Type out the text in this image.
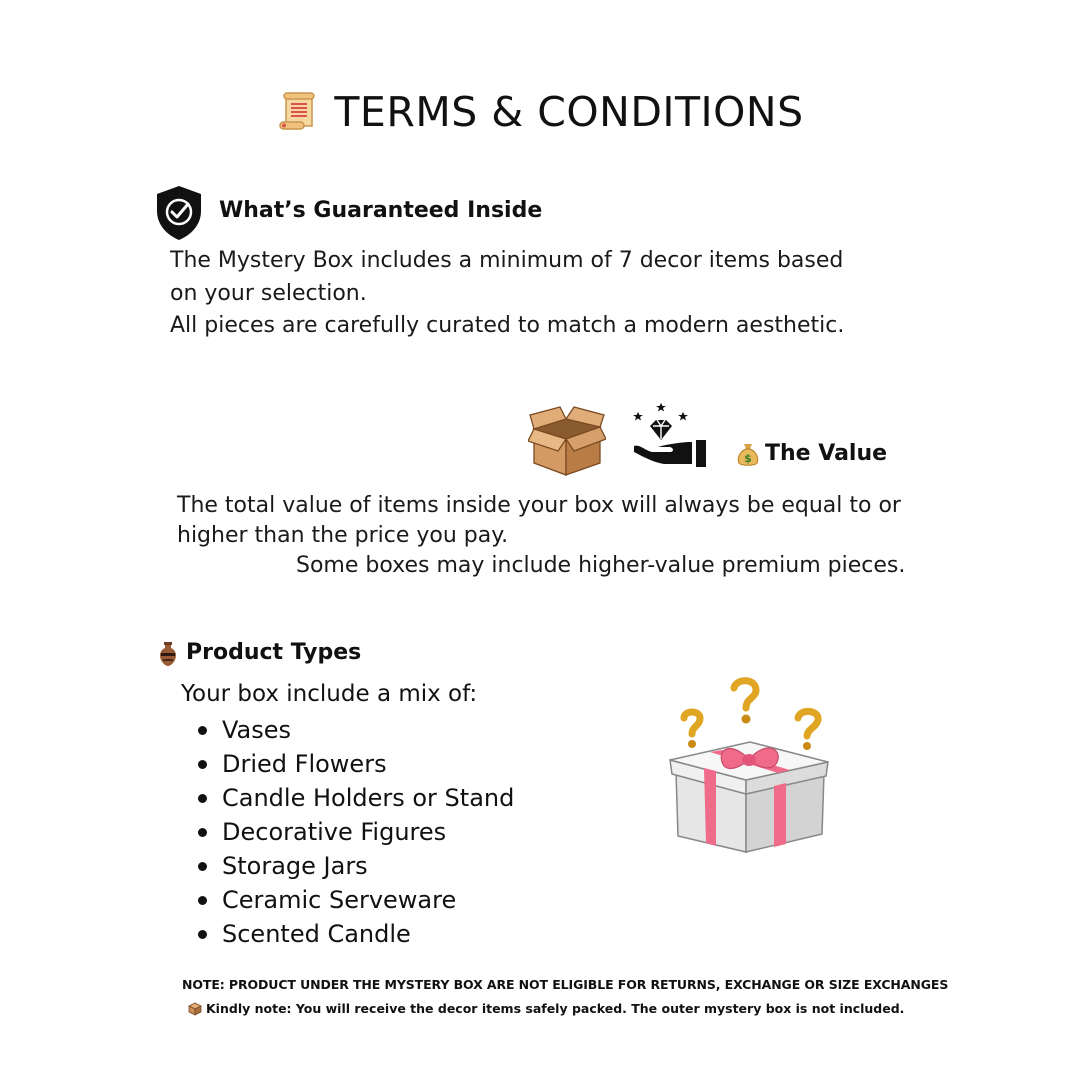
TERMS & CONDITIONS
What’s Guaranteed Inside
The Mystery Box includes a minimum of 7 decor items based
on your selection.
All pieces are carefully curated to match a modern aesthetic.
$ The Value
The total value of items inside your box will always be equal to or
higher than the price you pay.
Some boxes may include higher-value premium pieces.
Product Types
Your box include a mix of:
Vases
Dried Flowers
Candle Holders or Stand
Decorative Figures
Storage Jars
Ceramic Serveware
Scented Candle
NOTE: PRODUCT UNDER THE MYSTERY BOX ARE NOT ELIGIBLE FOR RETURNS, EXCHANGE OR SIZE EXCHANGES
Kindly note: You will receive the decor items safely packed. The outer mystery box is not included.
